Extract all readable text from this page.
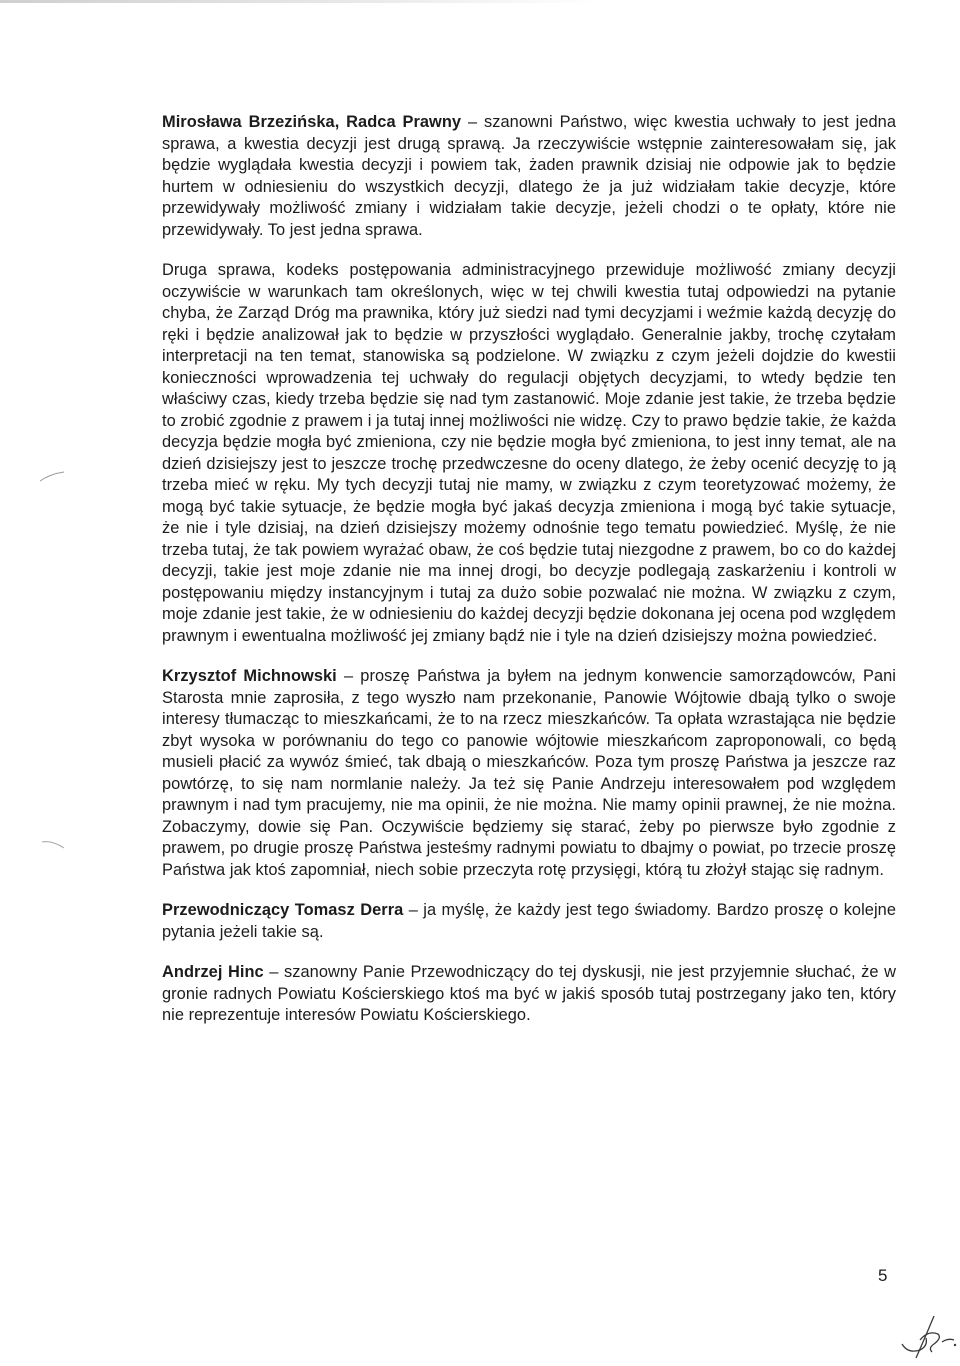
Mirosława Brzezińska, Radca Prawny – szanowni Państwo, więc kwestia uchwały to jest jedna sprawa, a kwestia decyzji jest drugą sprawą. Ja rzeczywiście wstępnie zainteresowałam się, jak będzie wyglądała kwestia decyzji i powiem tak, żaden prawnik dzisiaj nie odpowie jak to będzie hurtem w odniesieniu do wszystkich decyzji, dlatego że ja już widziałam takie decyzje, które przewidywały możliwość zmiany i widziałam takie decyzje, jeżeli chodzi o te opłaty, które nie przewidywały. To jest jedna sprawa.

Druga sprawa, kodeks postępowania administracyjnego przewiduje możliwość zmiany decyzji oczywiście w warunkach tam określonych, więc w tej chwili kwestia tutaj odpowiedzi na pytanie chyba, że Zarząd Dróg ma prawnika, który już siedzi nad tymi decyzjami i weźmie każdą decyzję do ręki i będzie analizował jak to będzie w przyszłości wyglądało. Generalnie jakby, trochę czytałam interpretacji na ten temat, stanowiska są podzielone. W związku z czym jeżeli dojdzie do kwestii konieczności wprowadzenia tej uchwały do regulacji objętych decyzjami, to wtedy będzie ten właściwy czas, kiedy trzeba będzie się nad tym zastanowić. Moje zdanie jest takie, że trzeba będzie to zrobić zgodnie z prawem i ja tutaj innej możliwości nie widzę. Czy to prawo będzie takie, że każda decyzja będzie mogła być zmieniona, czy nie będzie mogła być zmieniona, to jest inny temat, ale na dzień dzisiejszy jest to jeszcze trochę przedwczesne do oceny dlatego, że żeby ocenić decyzję to ją trzeba mieć w ręku. My tych decyzji tutaj nie mamy, w związku z czym teoretyzować możemy, że mogą być takie sytuacje, że będzie mogła być jakaś decyzja zmieniona i mogą być takie sytuacje, że nie i tyle dzisiaj, na dzień dzisiejszy możemy odnośnie tego tematu powiedzieć. Myślę, że nie trzeba tutaj, że tak powiem wyrażać obaw, że coś będzie tutaj niezgodne z prawem, bo co do każdej decyzji, takie jest moje zdanie nie ma innej drogi, bo decyzje podlegają zaskarżeniu i kontroli w postępowaniu między instancyjnym i tutaj za dużo sobie pozwalać nie można. W związku z czym, moje zdanie jest takie, że w odniesieniu do każdej decyzji będzie dokonana jej ocena pod względem prawnym i ewentualna możliwość jej zmiany bądź nie i tyle na dzień dzisiejszy można powiedzieć.

Krzysztof Michnowski – proszę Państwa ja byłem na jednym konwencie samorządowców, Pani Starosta mnie zaprosiła, z tego wyszło nam przekonanie, Panowie Wójtowie dbają tylko o swoje interesy tłumacząc to mieszkańcami, że to na rzecz mieszkańców. Ta opłata wzrastająca nie będzie zbyt wysoka w porównaniu do tego co panowie wójtowie mieszkańcom zaproponowali, co będą musieli płacić za wywóz śmieć, tak dbają o mieszkańców. Poza tym proszę Państwa ja jeszcze raz powtórzę, to się nam normlanie należy. Ja też się Panie Andrzeju interesowałem pod względem prawnym i nad tym pracujemy, nie ma opinii, że nie można. Nie mamy opinii prawnej, że nie można. Zobaczymy, dowie się Pan. Oczywiście będziemy się starać, żeby po pierwsze było zgodnie z prawem, po drugie proszę Państwa jesteśmy radnymi powiatu to dbajmy o powiat, po trzecie proszę Państwa jak ktoś zapomniał, niech sobie przeczyta rotę przysięgi, którą tu złożył stając się radnym.

Przewodniczący Tomasz Derra – ja myślę, że każdy jest tego świadomy. Bardzo proszę o kolejne pytania jeżeli takie są.

Andrzej Hinc – szanowny Panie Przewodniczący do tej dyskusji, nie jest przyjemnie słuchać, że w gronie radnych Powiatu Kościerskiego ktoś ma być w jakiś sposób tutaj postrzegany jako ten, który nie reprezentuje interesów Powiatu Kościerskiego.

5
